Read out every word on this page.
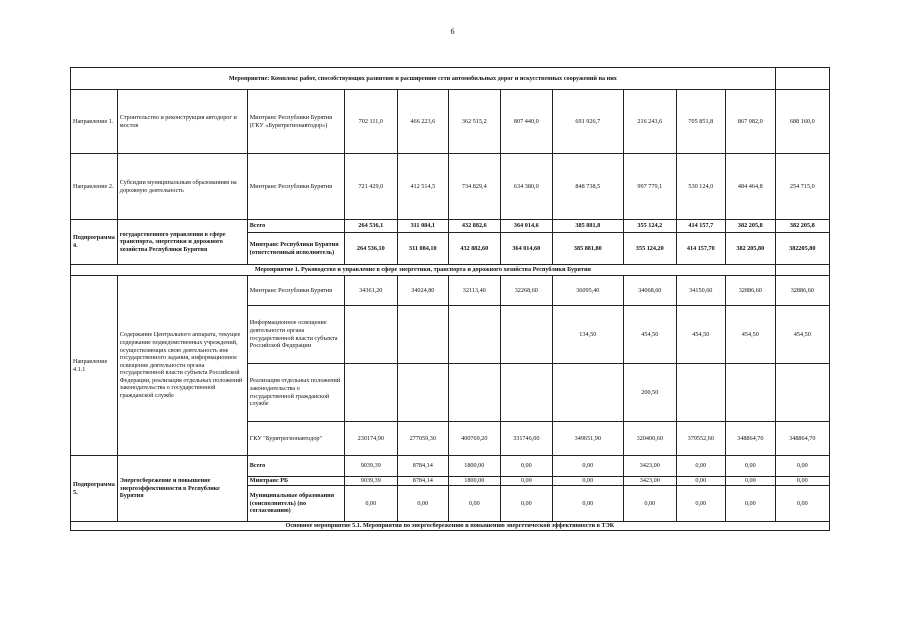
6
Мероприятие: Комплекс работ, способствующих развитию и расширению сети автомобильных дорог и искусственных сооружений на них											
Направление 1.	Строительство и реконструкция автодорог и мостов	Минтранс Республики Бурятия (ГКУ «Бурятрегионавтодор»)	702 111,0	466 223,6	362 515,2	807 440,0	691 926,7	216 243,6	705 851,8	867 082,0	688 160,0
Направление 2.	Субсидии муниципальным образованиям на дорожную деятельность	Минтранс Республики Бурятия	721 429,0	412 514,5	734 829,4	634 380,0	848 738,5	997 779,1	530 124,0	484 464,8	254 715,0
Подпрограмма 4.	государственного управления в сфере транспорта, энергетики и дорожного хозяйства Республики Бурятия	Всего	264 536,1	311 084,1	432 882,6	364 014,6	385 881,8	355 124,2	414 157,7	382 205,8	382 205,8
		Минтранс Республики Бурятия (ответственный исполнитель)	264 536,10	311 084,10	432 882,60	364 014,60	385 881,80	355 124,20	414 157,70	382 205,80	382205,80
Мероприятие 1. Руководство и управление в сфере энергетики, транспорта и дорожного хозяйства Республики Бурятия											
Направление 4.1.1	Содержание Центрального аппарата, текущее содержание подведомственных учреждений, осуществляющих свою деятельность вне государственного задания, информационное освещение деятельности органа государственной власти субъекта Российской Федерации, реализация отдельных положений законодательства о государственной гражданской службе	Минтранс Республики Бурятия	34361,20	34024,80	32113,40	32268,60	36095,40	34068,60	34150,60	32886,60	32886,60
		Информационное освещение деятельности органа государственной власти субъекта Российской Федерации					134,50	454,50	454,50	454,50	454,50
		Реализация отдельных положений законодательства о государственной гражданской службе						200,50			
		ГКУ "Бурятрегионавтодор"	230174,90	277059,30	400769,20	331746,00	349651,90	320400,60	379552,60	348864,70	348864,70
Подпрограмма 5.	Энергосбережение и повышение энергоэффективности в Республике Бурятия	Всего	9039,39	8784,14	1800,00	0,00	0,00	3423,00	0,00	0,00	0,00
		Минтранс РБ	9039,39	8784,14	1800,00	0,00	0,00	3423,00	0,00	0,00	0,00
		Муниципальные образования (соисполнитель) (по согласованию)	0,00	0,00	0,00	0,00	0,00	0,00	0,00	0,00	0,00
Основное мероприятие 5.1. Мероприятия по энергосбережению и повышению энергетической эффективности в ТЭК											
